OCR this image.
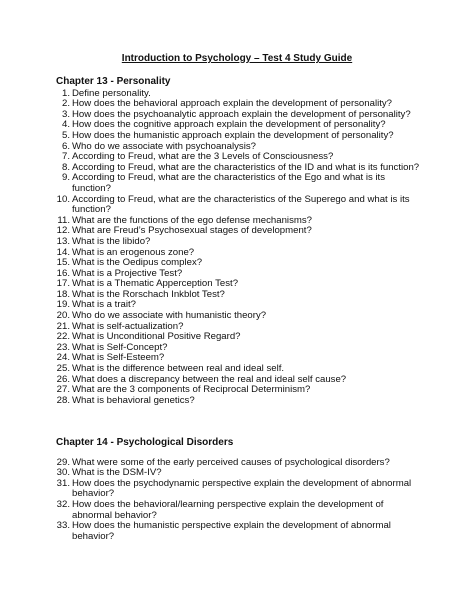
Introduction to Psychology – Test 4 Study Guide
Chapter 13 - Personality
1. Define personality.
2. How does the behavioral approach explain the development of personality?
3. How does the psychoanalytic approach explain the development of personality?
4. How does the cognitive approach explain the development of personality?
5. How does the humanistic approach explain the development of personality?
6. Who do we associate with psychoanalysis?
7. According to Freud, what are the 3 Levels of Consciousness?
8. According to Freud, what are the characteristics of the ID and what is its function?
9. According to Freud, what are the characteristics of the Ego and what is its function?
10. According to Freud, what are the characteristics of the Superego and what is its function?
11. What are the functions of the ego defense mechanisms?
12. What are Freud’s Psychosexual stages of development?
13. What is the libido?
14. What is an erogenous zone?
15. What is the Oedipus complex?
16. What is a Projective Test?
17. What is a Thematic Apperception Test?
18. What is the Rorschach Inkblot Test?
19. What is a trait?
20. Who do we associate with humanistic theory?
21. What is self-actualization?
22. What is Unconditional Positive Regard?
23. What is Self-Concept?
24. What is Self-Esteem?
25. What is the difference between real and ideal self.
26. What does a discrepancy between the real and ideal self cause?
27. What are the 3 components of Reciprocal Determinism?
28. What is behavioral genetics?
Chapter 14 - Psychological Disorders
29. What were some of the early perceived causes of psychological disorders?
30. What is the DSM-IV?
31. How does the psychodynamic perspective explain the development of abnormal behavior?
32. How does the behavioral/learning perspective explain the development of abnormal behavior?
33. How does the humanistic perspective explain the development of abnormal behavior?
